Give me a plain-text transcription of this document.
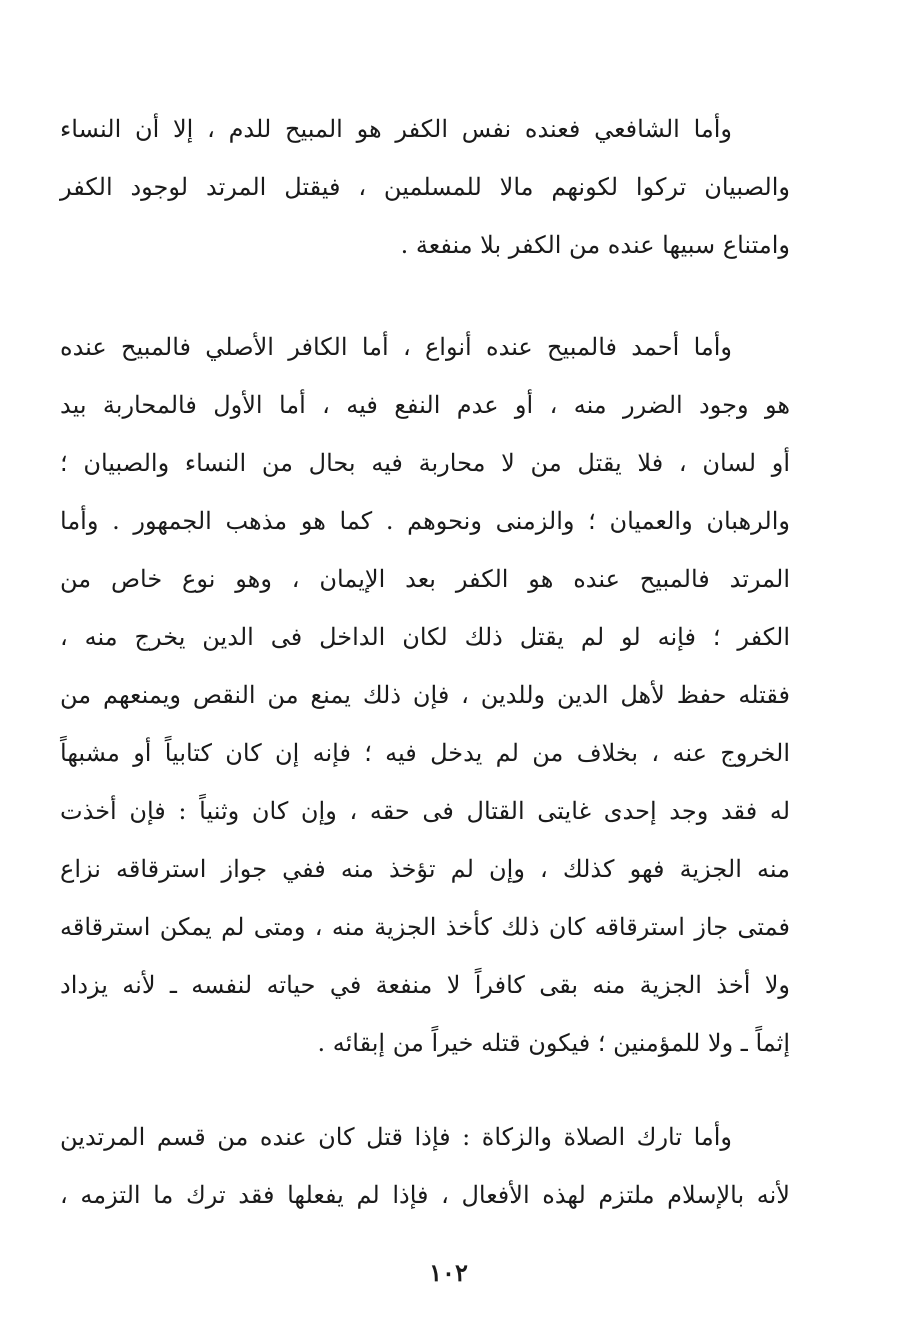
وأما الشافعي فعنده نفس الكفر هو المبيح للدم ، إلا أن النساء
والصبيان تركوا لكونهم مالا للمسلمين ، فيقتل المرتد لوجود الكفر
وامتناع سبيها عنده من الكفر بلا منفعة .
وأما أحمد فالمبيح عنده أنواع ، أما الكافر الأصلي فالمبيح عنده
هو وجود الضرر منه ، أو عدم النفع فيه ، أما الأول فالمحاربة بيد
أو لسان ، فلا يقتل من لا محاربة فيه بحال من النساء والصبيان ؛
والرهبان والعميان ؛ والزمنى ونحوهم . كما هو مذهب الجمهور . وأما
المرتد فالمبيح عنده هو الكفر بعد الإيمان ، وهو نوع خاص من
الكفر ؛ فإنه لو لم يقتل ذلك لكان الداخل فى الدين يخرج منه ،
فقتله حفظ لأهل الدين وللدين ، فإن ذلك يمنع من النقص ويمنعهم من
الخروج عنه ، بخلاف من لم يدخل فيه ؛ فإنه إن كان كتابياً أو مشبهاً
له فقد وجد إحدى غايتى القتال فى حقه ، وإن كان وثنياً : فإن أخذت
منه الجزية فهو كذلك ، وإن لم تؤخذ منه ففي جواز استرقاقه نزاع
فمتى جاز استرقاقه كان ذلك كأخذ الجزية منه ، ومتى لم يمكن استرقاقه
ولا أخذ الجزية منه بقى كافراً لا منفعة في حياته لنفسه ـ لأنه يزداد
إثماً ـ ولا للمؤمنين ؛ فيكون قتله خيراً من إبقائه .
وأما تارك الصلاة والزكاة : فإذا قتل كان عنده من قسم المرتدين
لأنه بالإسلام ملتزم لهذه الأفعال ، فإذا لم يفعلها فقد ترك ما التزمه ،
١٠٢
